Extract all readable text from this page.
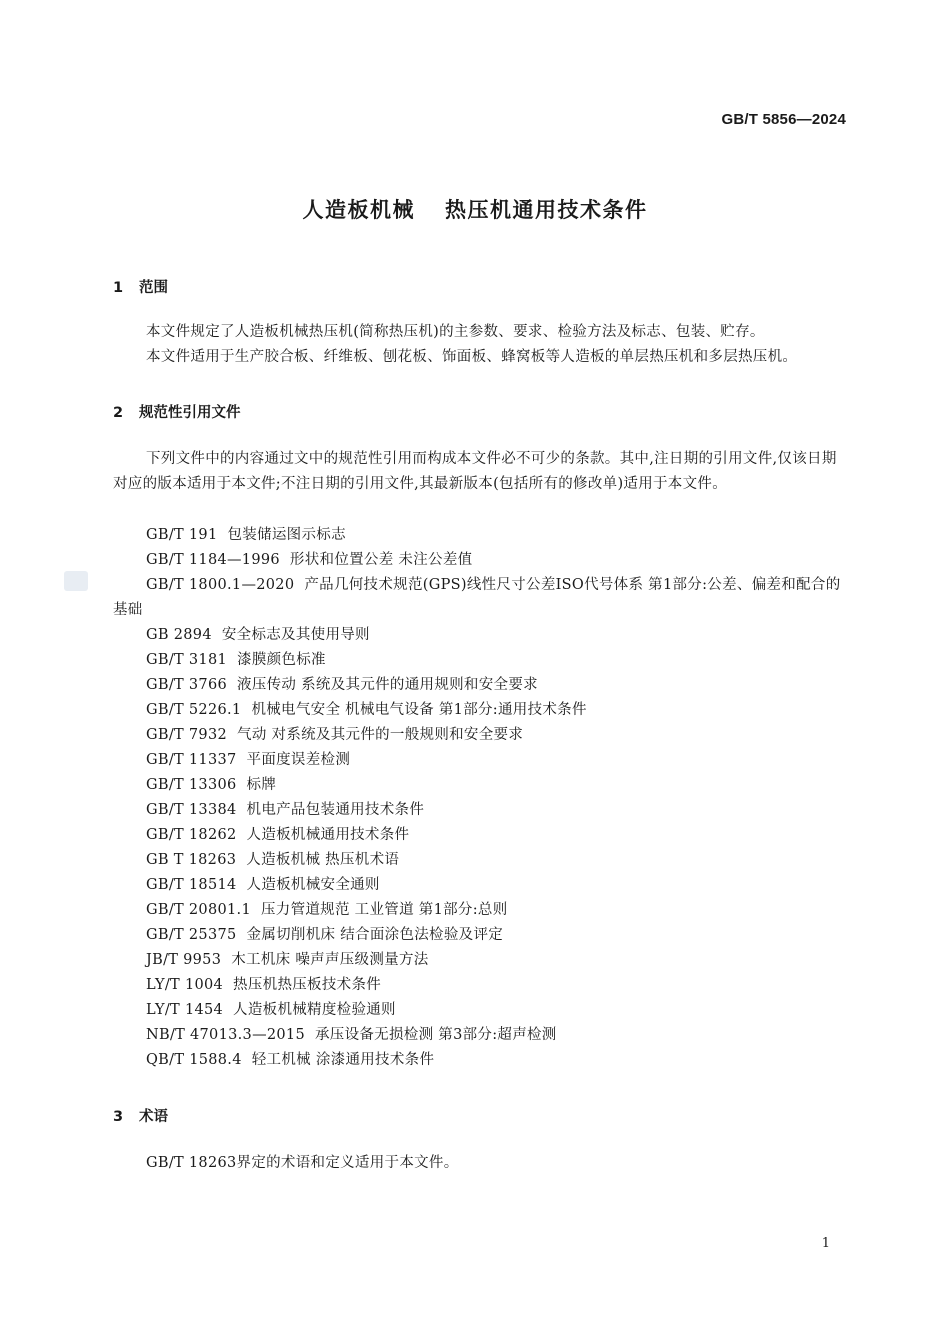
GB/T 5856—2024
人造板机械 热压机通用技术条件
1 范围

本文件规定了人造板机械热压机(简称热压机)的主参数、要求、检验方法及标志、包装、贮存。

本文件适用于生产胶合板、纤维板、刨花板、饰面板、蜂窝板等人造板的单层热压机和多层热压机。

2 规范性引用文件

下列文件中的内容通过文中的规范性引用而构成本文件必不可少的条款。其中,注日期的引用文件,仅该日期对应的版本适用于本文件;不注日期的引用文件,其最新版本(包括所有的修改单)适用于本文件。

GB/T 191 包装储运图示标志
GB/T 1184—1996 形状和位置公差 未注公差值
GB/T 1800.1—2020 产品几何技术规范(GPS)线性尺寸公差ISO代号体系 第1部分:公差、偏差和配合的基础
GB 2894 安全标志及其使用导则
GB/T 3181 漆膜颜色标准
GB/T 3766 液压传动 系统及其元件的通用规则和安全要求
GB/T 5226.1 机械电气安全 机械电气设备 第1部分:通用技术条件
GB/T 7932 气动 对系统及其元件的一般规则和安全要求
GB/T 11337 平面度误差检测
GB/T 13306 标牌
GB/T 13384 机电产品包装通用技术条件
GB/T 18262 人造板机械通用技术条件
GB T 18263 人造板机械 热压机术语
GB/T 18514 人造板机械安全通则
GB/T 20801.1 压力管道规范 工业管道 第1部分:总则
GB/T 25375 金属切削机床 结合面涂色法检验及评定
JB/T 9953 木工机床 噪声声压级测量方法
LY/T 1004 热压机热压板技术条件
LY/T 1454 人造板机械精度检验通则
NB/T 47013.3—2015 承压设备无损检测 第3部分:超声检测
QB/T 1588.4 轻工机械 涂漆通用技术条件
3 术语

GB/T 18263界定的术语和定义适用于本文件。

1
